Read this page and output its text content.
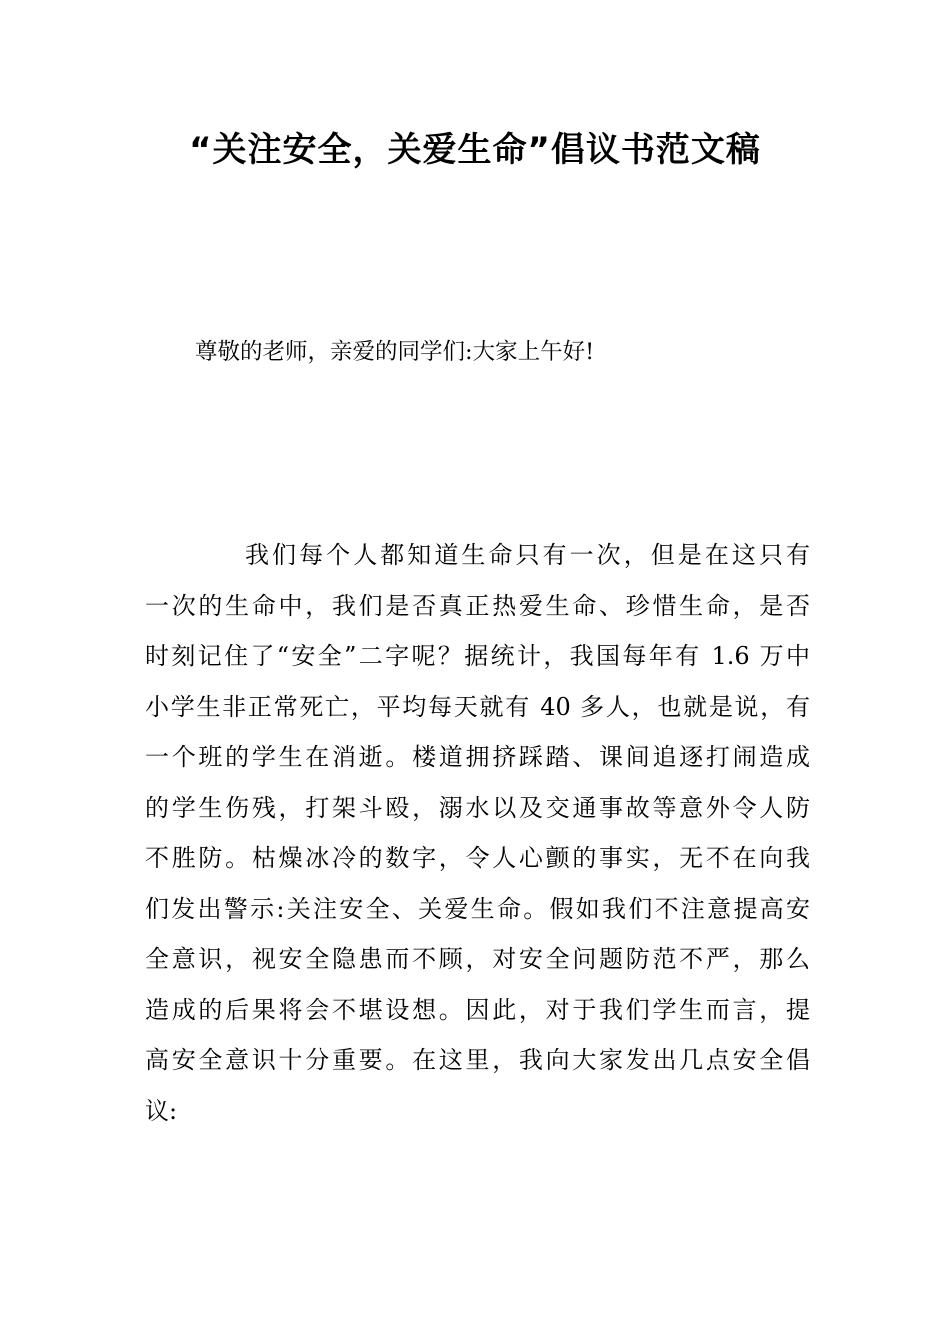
“关注安全，关爱生命”倡议书范文稿

尊敬的老师，亲爱的同学们:大家上午好!

我们每个人都知道生命只有一次，但是在这只有
一次的生命中，我们是否真正热爱生命、珍惜生命，是否
时刻记住了“安全”二字呢？据统计，我国每年有 1.6 万中
小学生非正常死亡，平均每天就有 40 多人，也就是说，有
一个班的学生在消逝。楼道拥挤踩踏、课间追逐打闹造成
的学生伤残，打架斗殴，溺水以及交通事故等意外令人防
不胜防。枯燥冰冷的数字，令人心颤的事实，无不在向我
们发出警示:关注安全、关爱生命。假如我们不注意提高安
全意识，视安全隐患而不顾，对安全问题防范不严，那么
造成的后果将会不堪设想。因此，对于我们学生而言，提
高安全意识十分重要。在这里，我向大家发出几点安全倡
议:
